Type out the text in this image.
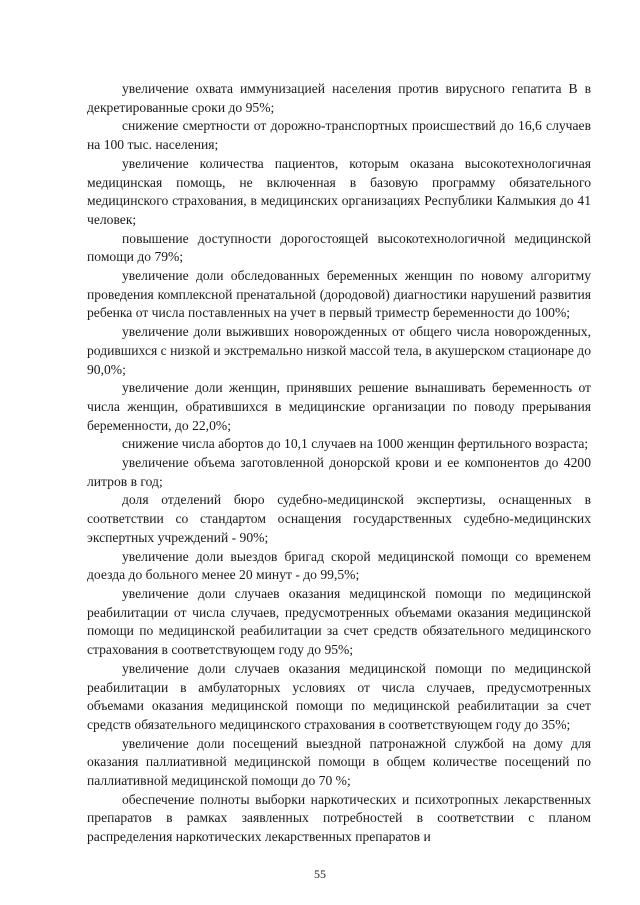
увеличение охвата иммунизацией населения против вирусного гепатита В в декретированные сроки до 95%;

снижение смертности от дорожно-транспортных происшествий до 16,6 случаев на 100 тыс. населения;

увеличение количества пациентов, которым оказана высокотехнологичная медицинская помощь, не включенная в базовую программу обязательного медицинского страхования, в медицинских организациях Республики Калмыкия до 41 человек;

повышение доступности дорогостоящей высокотехнологичной медицинской помощи до 79%;

увеличение доли обследованных беременных женщин по новому алгоритму проведения комплексной пренатальной (дородовой) диагностики нарушений развития ребенка от числа поставленных на учет в первый триместр беременности до 100%;

увеличение доли выживших новорожденных от общего числа новорожденных, родившихся с низкой и экстремально низкой массой тела, в акушерском стационаре до 90,0%;

увеличение доли женщин, принявших решение вынашивать беременность от числа женщин, обратившихся в медицинские организации по поводу прерывания беременности, до 22,0%;

снижение числа абортов до 10,1 случаев на 1000 женщин фертильного возраста;

увеличение объема заготовленной донорской крови и ее компонентов до 4200 литров в год;

доля отделений бюро судебно-медицинской экспертизы, оснащенных в соответствии со стандартом оснащения государственных судебно-медицинских экспертных учреждений - 90%;

увеличение доли выездов бригад скорой медицинской помощи со временем доезда до больного менее 20 минут - до 99,5%;

увеличение доли случаев оказания медицинской помощи по медицинской реабилитации от числа случаев, предусмотренных объемами оказания медицинской помощи по медицинской реабилитации за счет средств обязательного медицинского страхования в соответствующем году до 95%;

увеличение доли случаев оказания медицинской помощи по медицинской реабилитации в амбулаторных условиях от числа случаев, предусмотренных объемами оказания медицинской помощи по медицинской реабилитации за счет средств обязательного медицинского страхования в соответствующем году до 35%;

увеличение доли посещений выездной патронажной службой на дому для оказания паллиативной медицинской помощи в общем количестве посещений по паллиативной медицинской помощи до 70 %;

обеспечение полноты выборки наркотических и психотропных лекарственных препаратов в рамках заявленных потребностей в соответствии с планом распределения наркотических лекарственных препаратов и

55
